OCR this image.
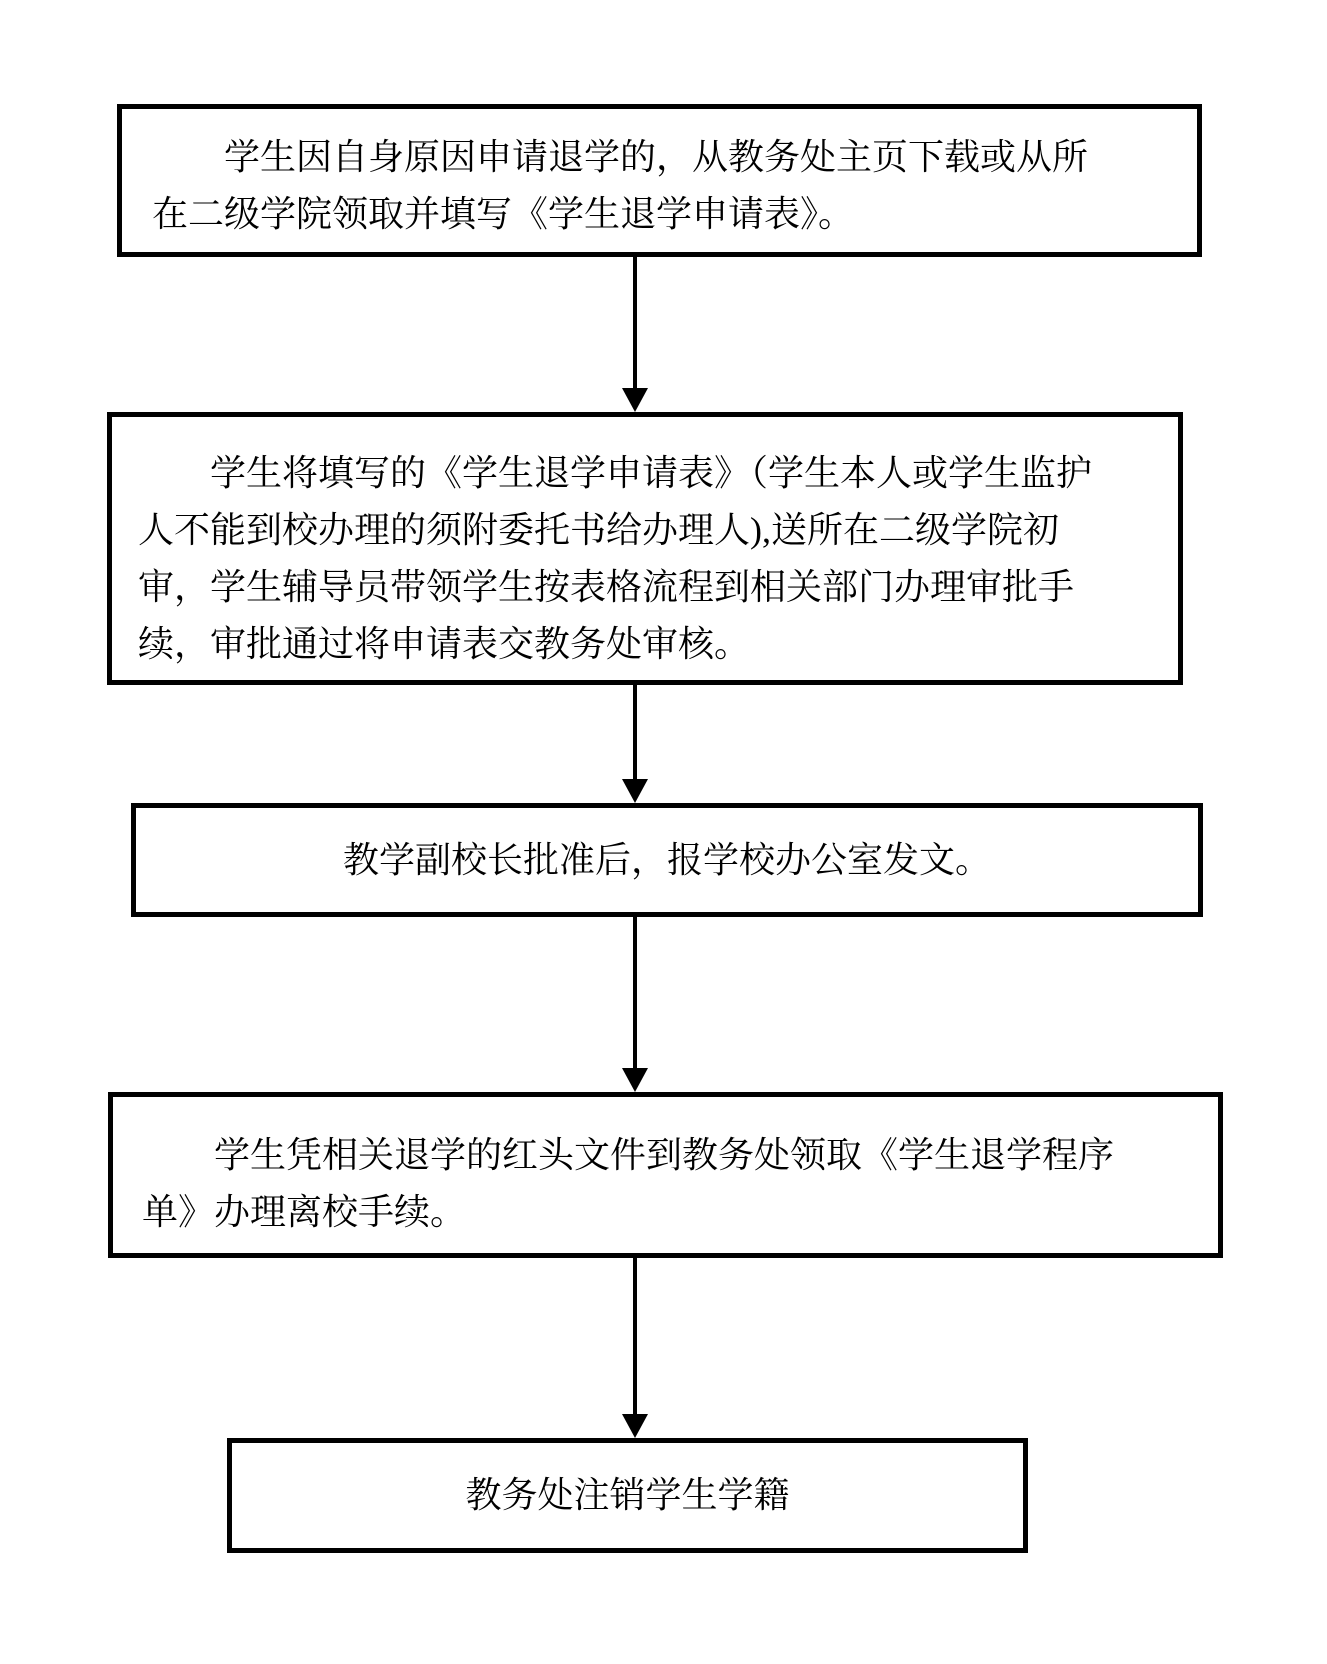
学生因自身原因申请退学的，从教务处主页下载或从所
在二级学院领取并填写《学生退学申请表》。
学生将填写的《学生退学申请表》（学生本人或学生监护
人不能到校办理的须附委托书给办理人),送所在二级学院初
审，学生辅导员带领学生按表格流程到相关部门办理审批手
续，审批通过将申请表交教务处审核。
教学副校长批准后，报学校办公室发文。
学生凭相关退学的红头文件到教务处领取《学生退学程序
单》办理离校手续。
教务处注销学生学籍
